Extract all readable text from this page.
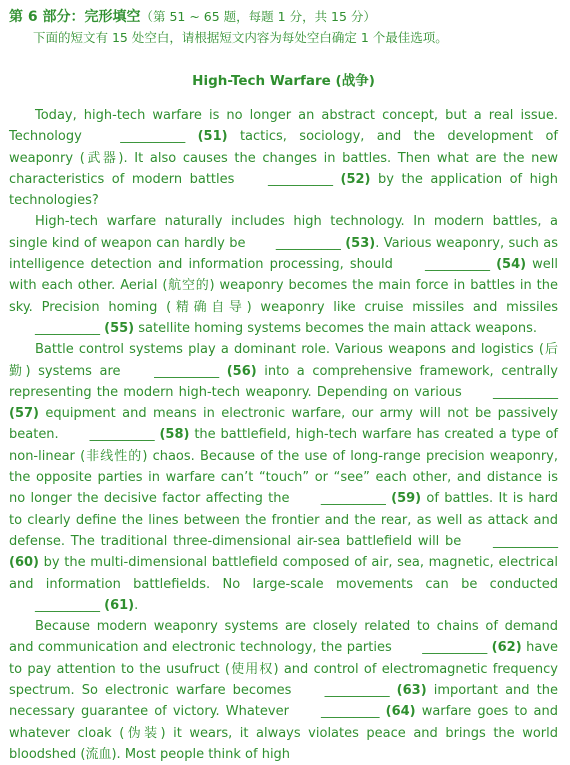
第 6 部分：完形填空（第 51 ~ 65 题，每题 1 分，共 15 分）
下面的短文有 15 处空白，请根据短文内容为每处空白确定 1 个最佳选项。
High-Tech Warfare (战争)

Today, high-tech warfare is no longer an abstract concept, but a real issue. Technology __________ (51) tactics, sociology, and the development of weaponry (武器). It also causes the changes in battles. Then what are the new characteristics of modern battles __________ (52) by the application of high technologies?

High-tech warfare naturally includes high technology. In modern battles, a single kind of weapon can hardly be __________ (53). Various weaponry, such as intelligence detection and information processing, should __________ (54) well with each other. Aerial (航空的) weaponry becomes the main force in battles in the sky. Precision homing (精确自导) weaponry like cruise missiles and missiles __________ (55) satellite homing systems becomes the main attack weapons.

Battle control systems play a dominant role. Various weapons and logistics (后勤) systems are __________ (56) into a comprehensive framework, centrally representing the modern high-tech weaponry. Depending on various __________ (57) equipment and means in electronic warfare, our army will not be passively beaten. __________ (58) the battlefield, high-tech warfare has created a type of non-linear (非线性的) chaos. Because of the use of long-range precision weaponry, the opposite parties in warfare can’t “touch” or “see” each other, and distance is no longer the decisive factor affecting the __________ (59) of battles. It is hard to clearly define the lines between the frontier and the rear, as well as attack and defense. The traditional three-dimensional air-sea battlefield will be __________ (60) by the multi-dimensional battlefield composed of air, sea, magnetic, electrical and information battlefields. No large-scale movements can be conducted __________ (61).

Because modern weaponry systems are closely related to chains of demand and communication and electronic technology, the parties __________ (62) have to pay attention to the usufruct (使用权) and control of electromagnetic frequency spectrum. So electronic warfare becomes __________ (63) important and the necessary guarantee of victory. Whatever _________ (64) warfare goes to and whatever cloak (伪装) it wears, it always violates peace and brings the world bloodshed (流血). Most people think of high
